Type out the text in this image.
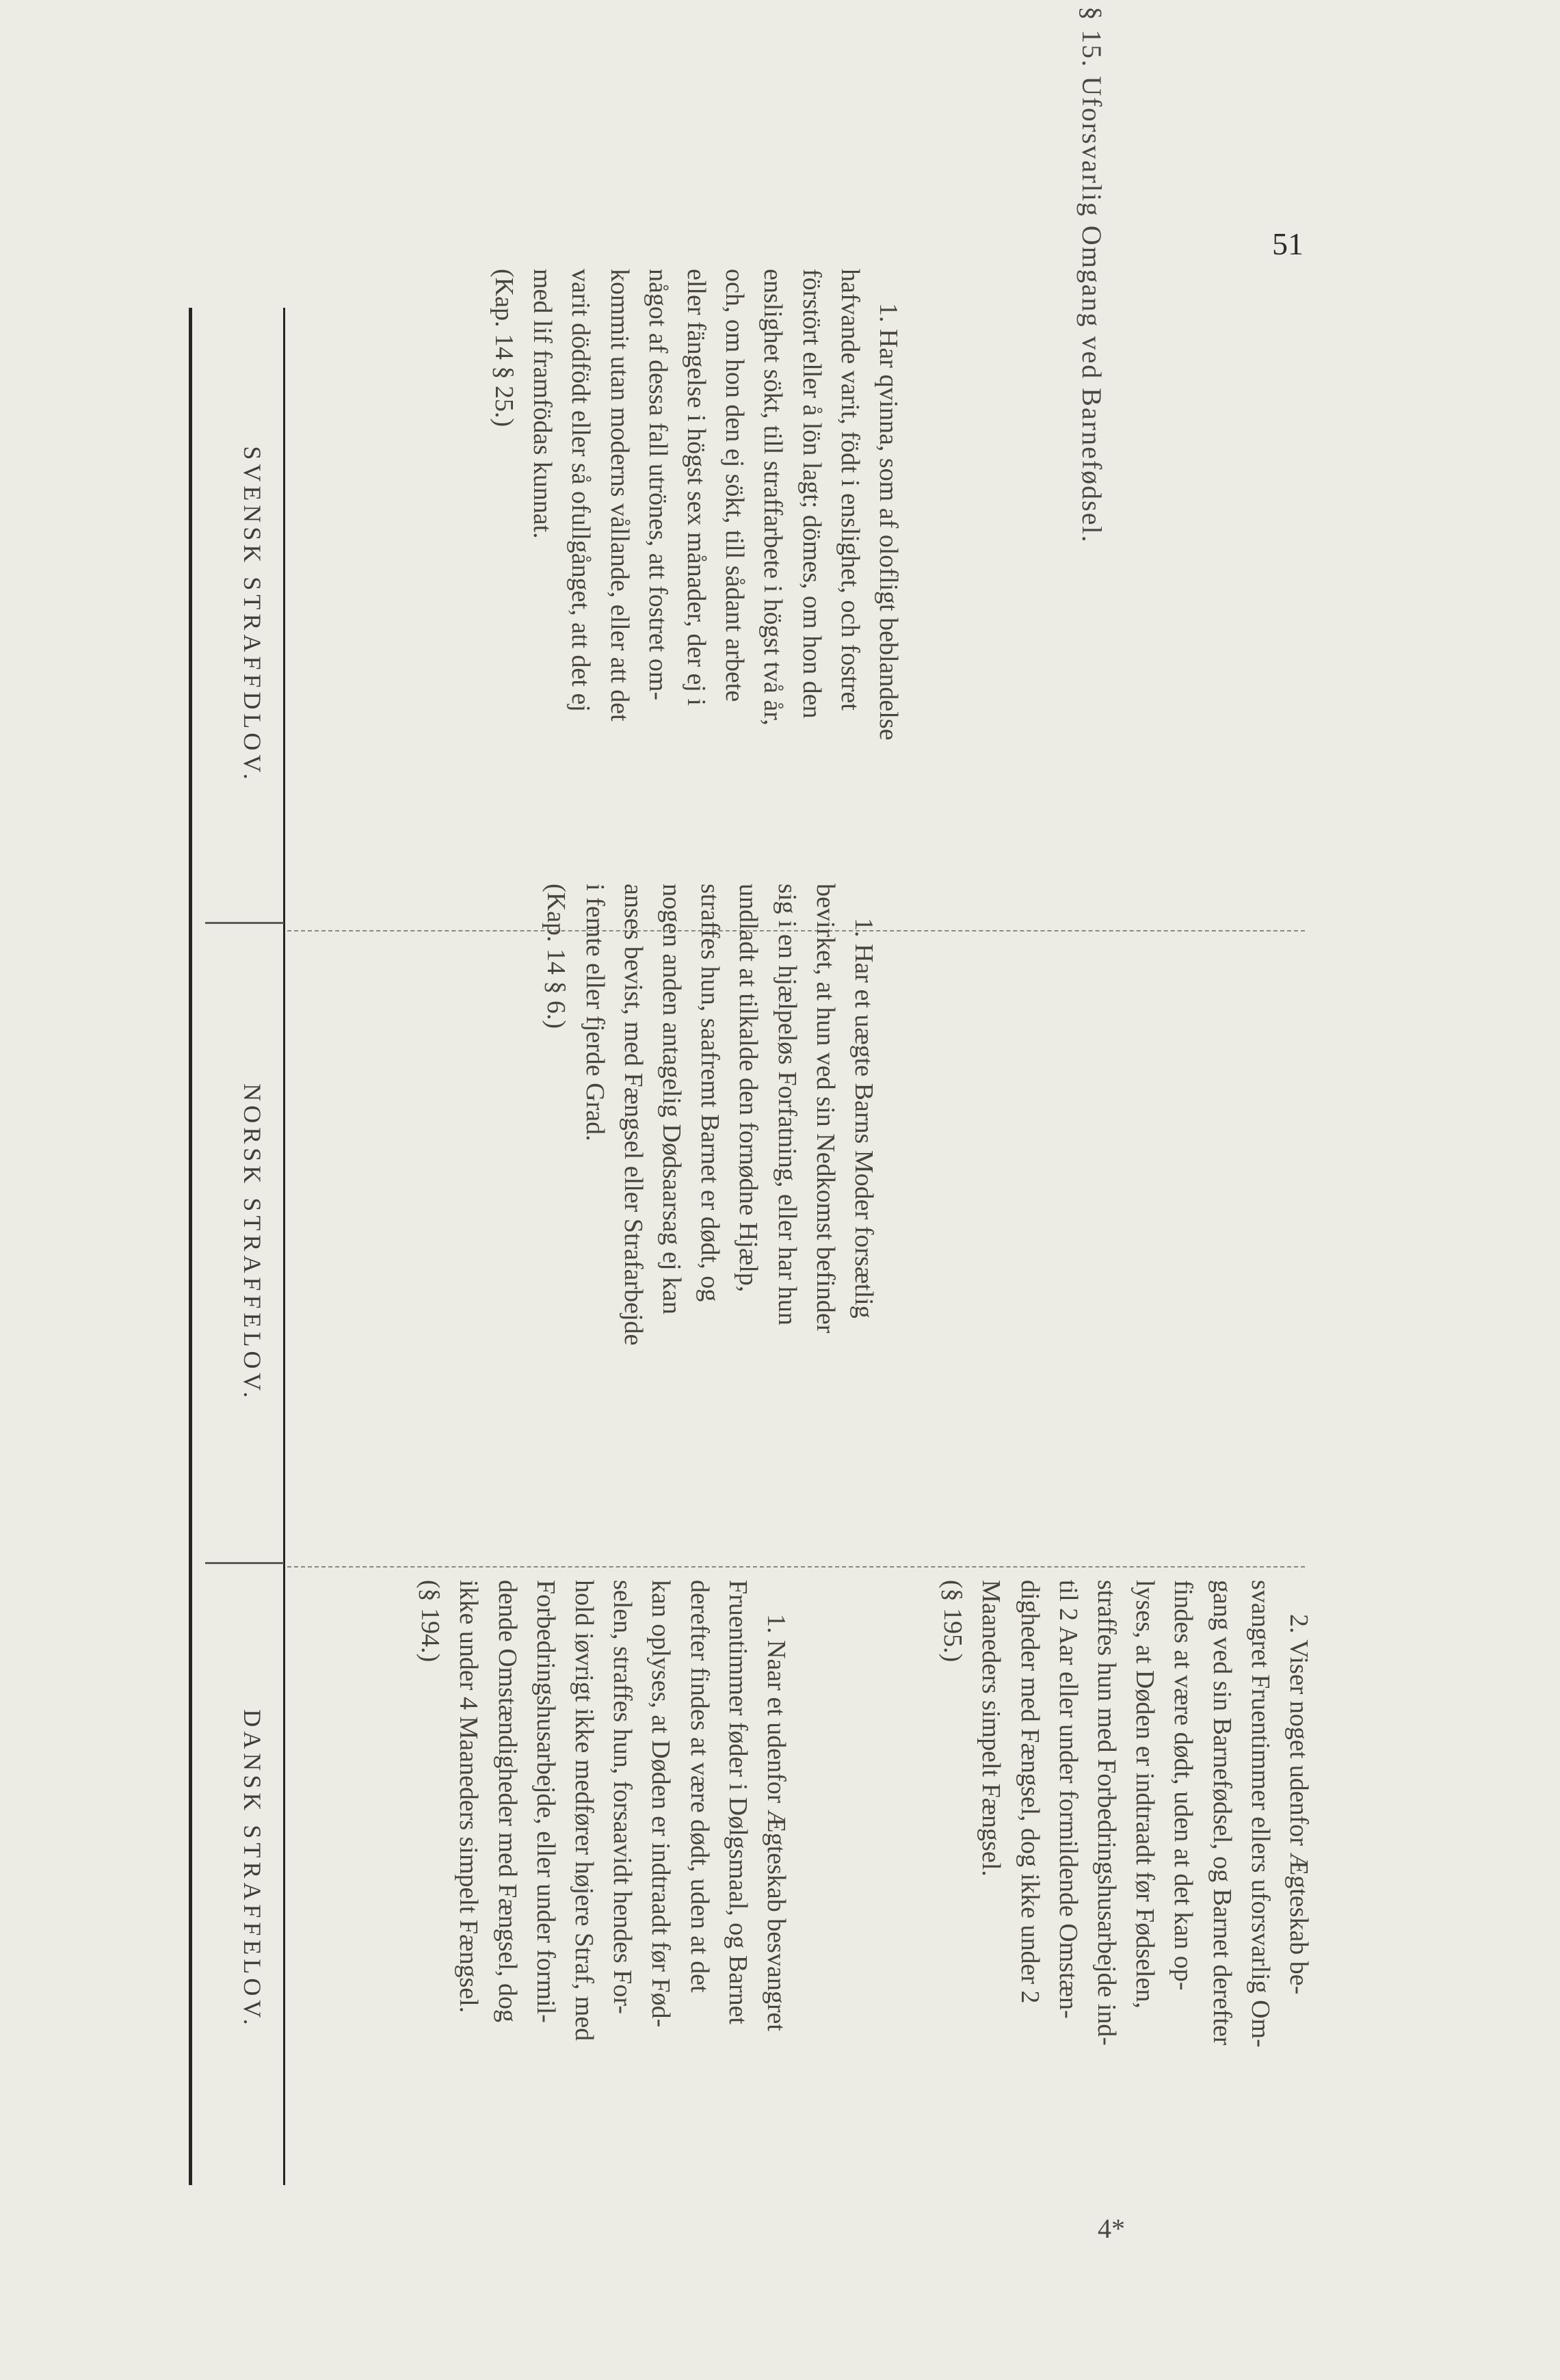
51
§ 15. Uforsvarlig Omgang ved Barnefødsel.
4*
SVENSK STRAFFDLOV.
NORSK STRAFFELOV.
DANSK STRAFFELOV.
1. Har qvinna, som af olofligt beblandelse
hafvande varit, födt i enslighet, och fostret
förstört eller å lön lagt; dömes, om hon den
enslighet sökt, till straffarbete i högst två år,
och, om hon den ej sökt, till sådant arbete
eller fängelse i högst sex månader, der ej i
något af dessa fall utrönes, att fostret om-
kommit utan moderns vållande, eller att det
varit dödfödt eller så ofullgånget, att det ej
med lif framfödas kunnat.
(Kap. 14 § 25.)
1. Har et uægte Barns Moder forsætlig
bevirket, at hun ved sin Nedkomst befinder
sig i en hjælpeløs Forfatning, eller har hun
undladt at tilkalde den fornødne Hjælp,
straffes hun, saafremt Barnet er dødt, og
nogen anden antagelig Dødsaarsag ej kan
anses bevist, med Fængsel eller Strafarbejde
i femte eller fjerde Grad.
(Kap. 14 § 6.)
1. Naar et udenfor Ægteskab besvangret
Fruentimmer føder i Dølgsmaal, og Barnet
derefter findes at være dødt, uden at det
kan oplyses, at Døden er indtraadt før Fød-
selen, straffes hun, forsaavidt hendes For-
hold iøvrigt ikke medfører højere Straf, med
Forbedringshusarbejde, eller under formil-
dende Omstændigheder med Fængsel, dog
ikke under 4 Maaneders simpelt Fængsel.
(§ 194.)	2. Viser noget udenfor Ægteskab be-
svangret Fruentimmer ellers uforsvarlig Om-
gang ved sin Barnefødsel, og Barnet derefter
findes at være dødt, uden at det kan op-
lyses, at Døden er indtraadt før Fødselen,
straffes hun med Forbedringshusarbejde ind-
til 2 Aar eller under formildende Omstæn-
digheder med Fængsel, dog ikke under 2
Maaneders simpelt Fængsel.
(§ 195.)
